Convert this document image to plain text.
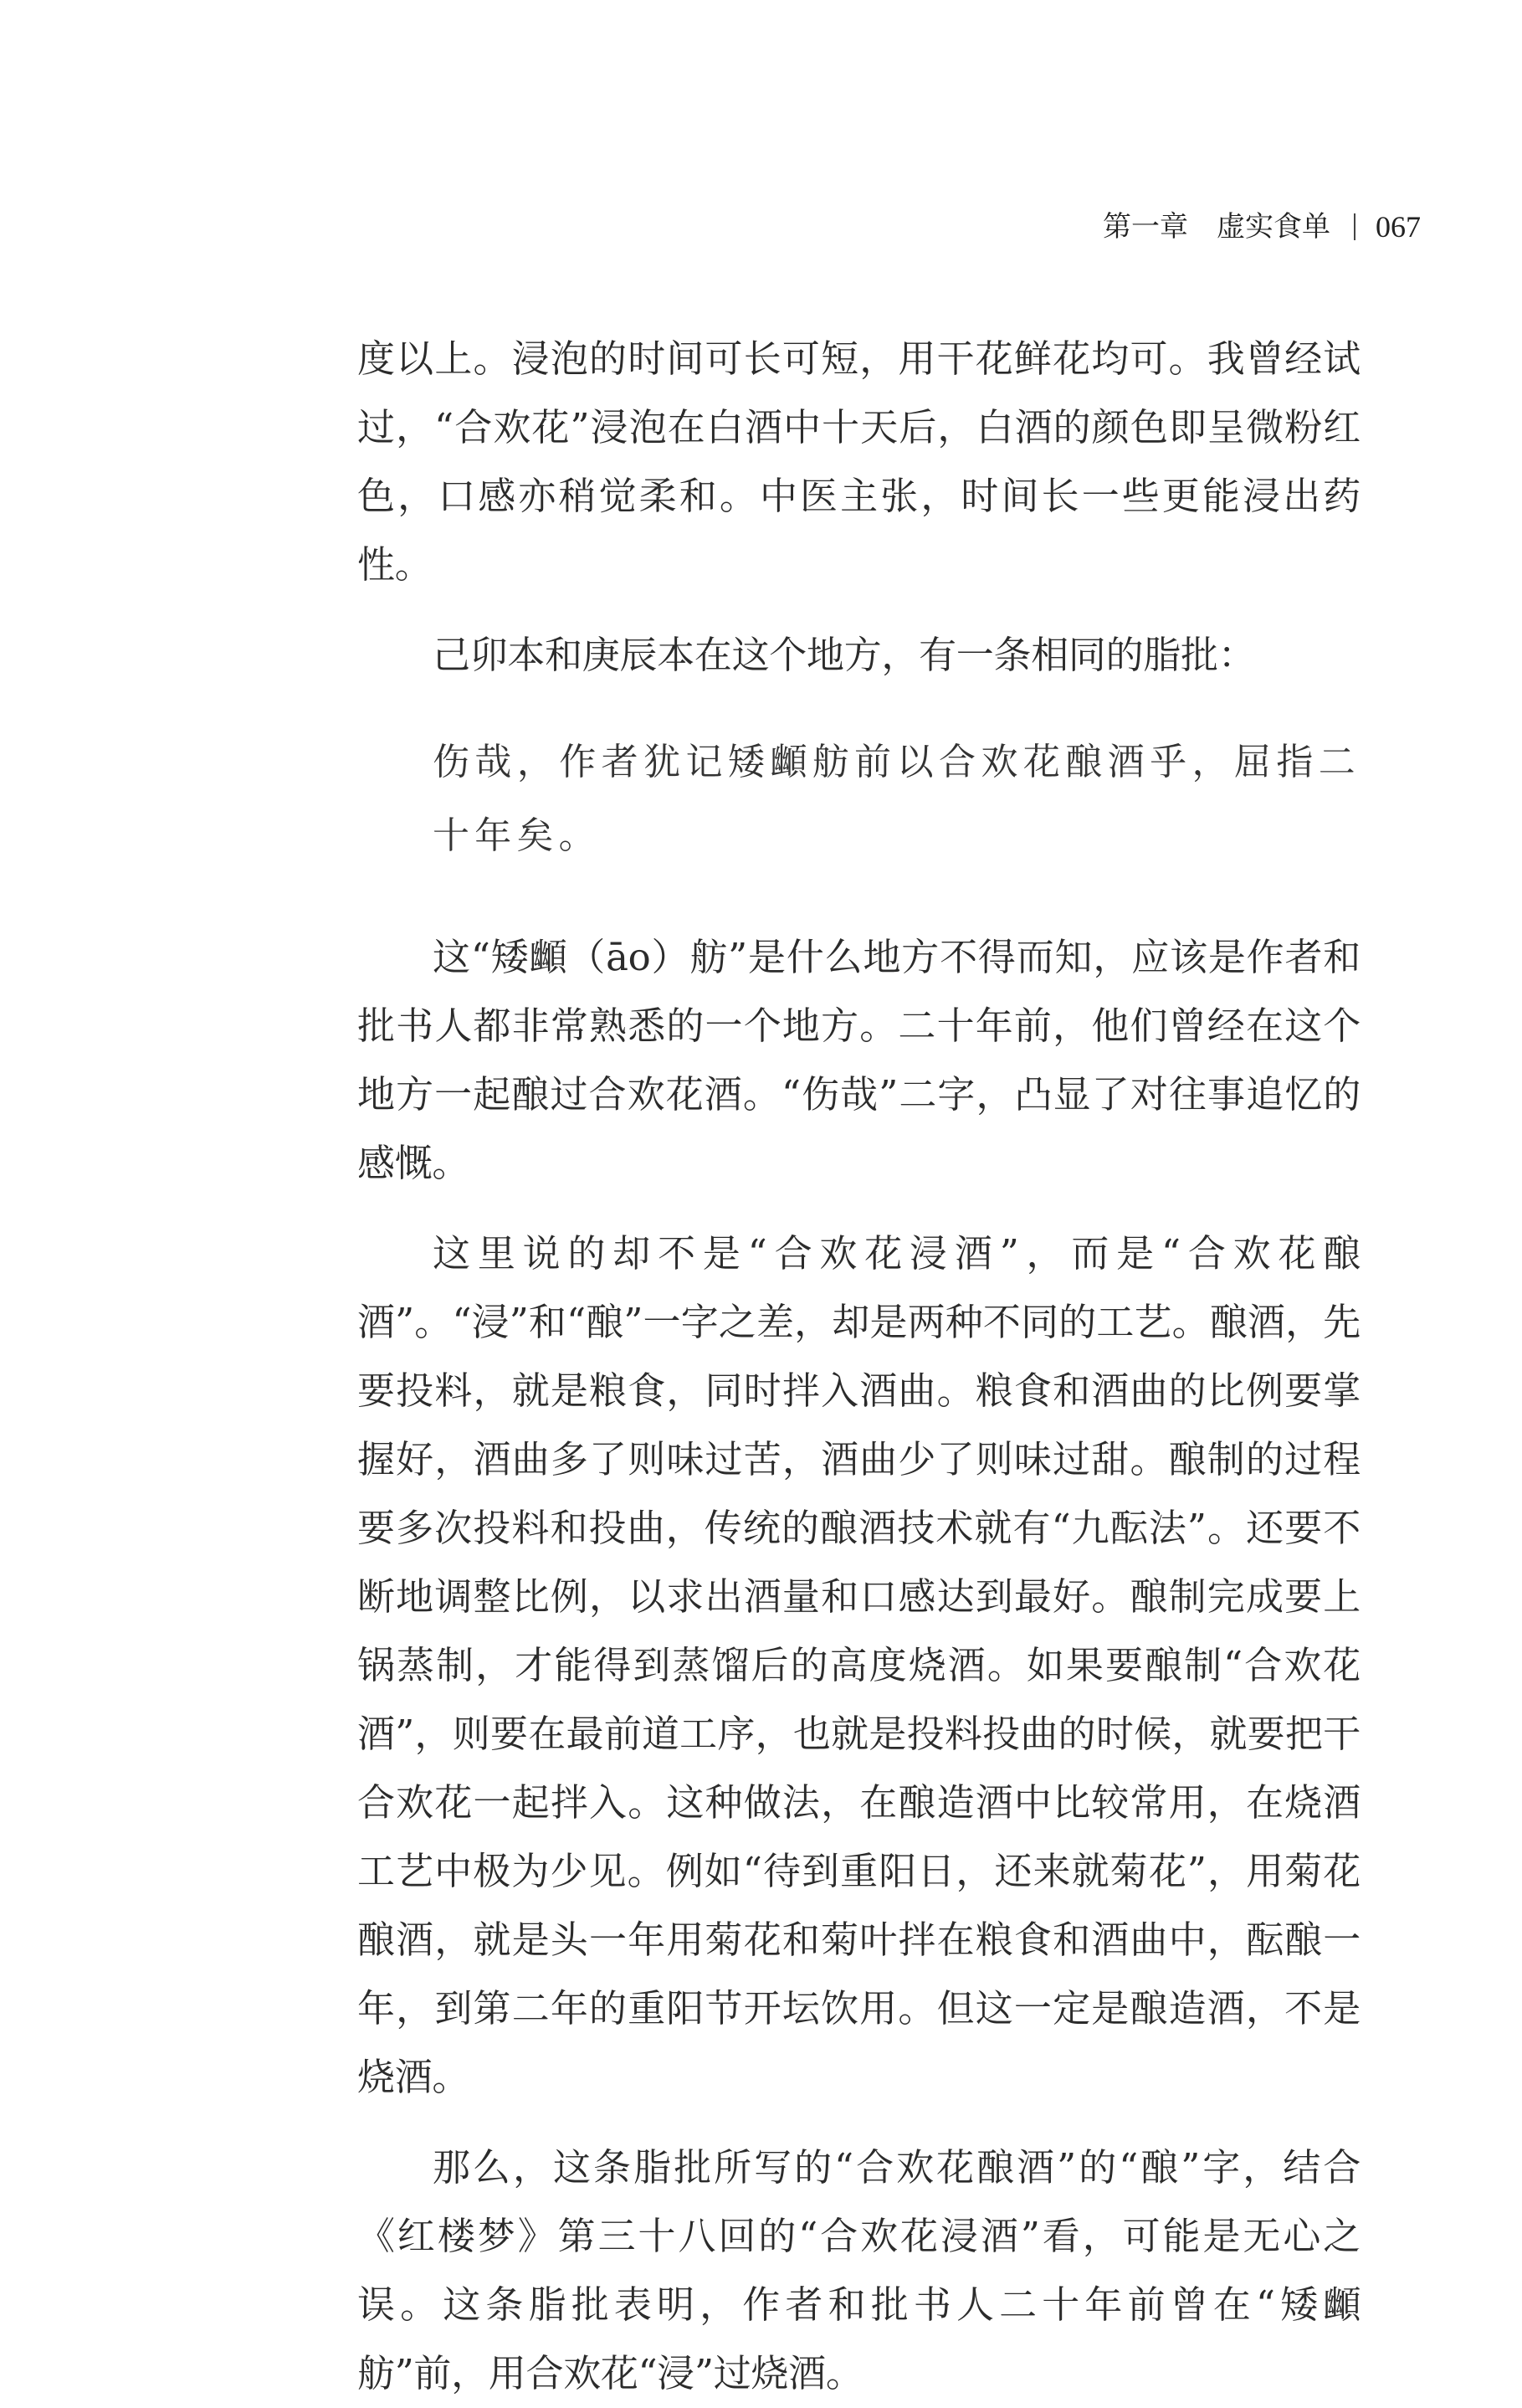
第一章 虚实食单 067

度以上。浸泡的时间可长可短，用干花鲜花均可。我曾经试过，“合欢花”浸泡在白酒中十天后，白酒的颜色即呈微粉红色，口感亦稍觉柔和。中医主张，时间长一些更能浸出药性。

己卯本和庚辰本在这个地方，有一条相同的脂批：

伤哉，作者犹记矮䫜舫前以合欢花酿酒乎，屈指二十年矣。

这“矮䫜（āo）舫”是什么地方不得而知，应该是作者和批书人都非常熟悉的一个地方。二十年前，他们曾经在这个地方一起酿过合欢花酒。“伤哉”二字，凸显了对往事追忆的感慨。

这里说的却不是“合欢花浸酒”，而是“合欢花酿酒”。“浸”和“酿”一字之差，却是两种不同的工艺。酿酒，先要投料，就是粮食，同时拌入酒曲。粮食和酒曲的比例要掌握好，酒曲多了则味过苦，酒曲少了则味过甜。酿制的过程要多次投料和投曲，传统的酿酒技术就有“九酝法”。还要不断地调整比例，以求出酒量和口感达到最好。酿制完成要上锅蒸制，才能得到蒸馏后的高度烧酒。如果要酿制“合欢花酒”，则要在最前道工序，也就是投料投曲的时候，就要把干合欢花一起拌入。这种做法，在酿造酒中比较常用，在烧酒工艺中极为少见。例如“待到重阳日，还来就菊花”，用菊花酿酒，就是头一年用菊花和菊叶拌在粮食和酒曲中，酝酿一年，到第二年的重阳节开坛饮用。但这一定是酿造酒，不是烧酒。

那么，这条脂批所写的“合欢花酿酒”的“酿”字，结合《红楼梦》第三十八回的“合欢花浸酒”看，可能是无心之误。这条脂批表明，作者和批书人二十年前曾在“矮䫜舫”前，用合欢花“浸”过烧酒。
